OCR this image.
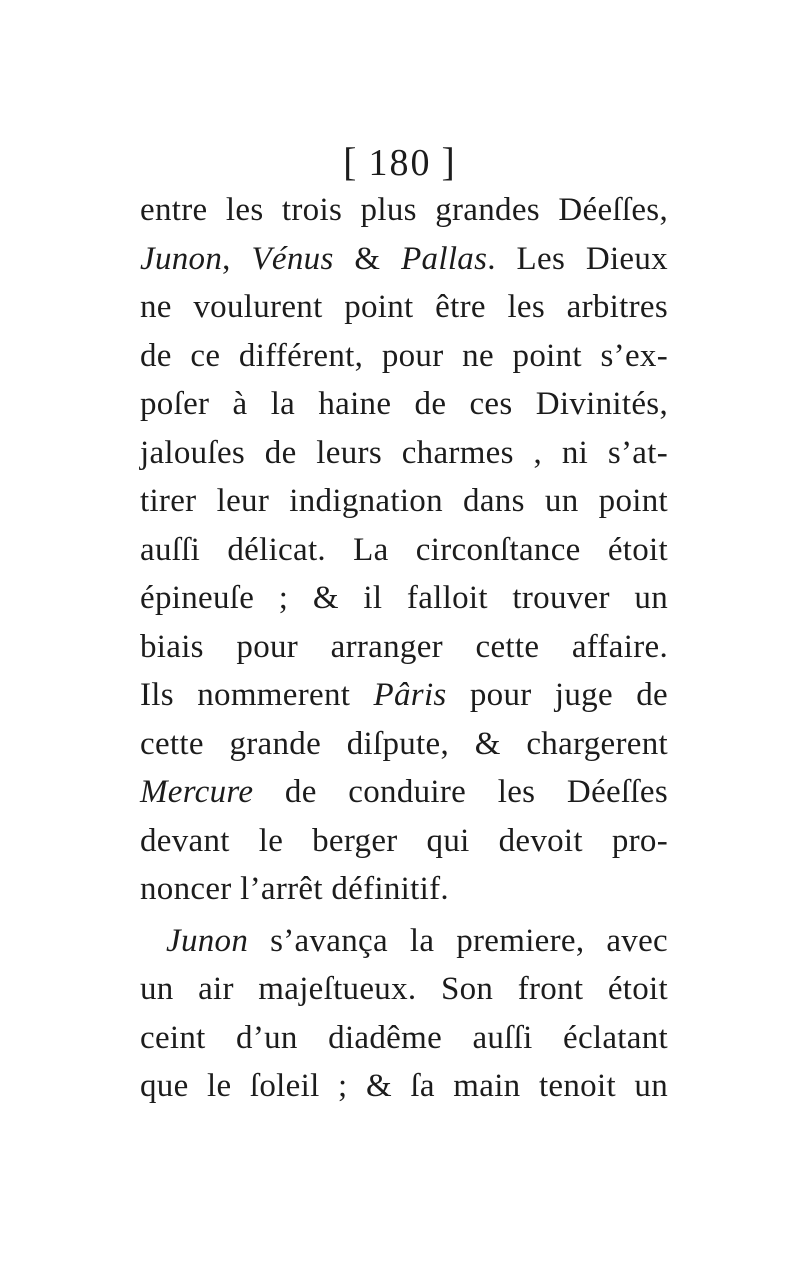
[ 180 ]
entre les trois plus grandes Déeſſes,
Junon, Vénus & Pallas. Les Dieux
ne voulurent point être les arbitres
de ce différent, pour ne point s’ex-
poſer à la haine de ces Divinités,
jalouſes de leurs charmes , ni s’at-
tirer leur indignation dans un point
auſſi délicat. La circonſtance étoit
épineuſe ; & il falloit trouver un
biais pour arranger cette affaire.
Ils nommerent Pâris pour juge de
cette grande diſpute, & chargerent
Mercure de conduire les Déeſſes
devant le berger qui devoit pro-
noncer l’arrêt définitif.
Junon s’avança la premiere, avec
un air majeſtueux. Son front étoit
ceint d’un diadême auſſi éclatant
que le ſoleil ; & ſa main tenoit un
